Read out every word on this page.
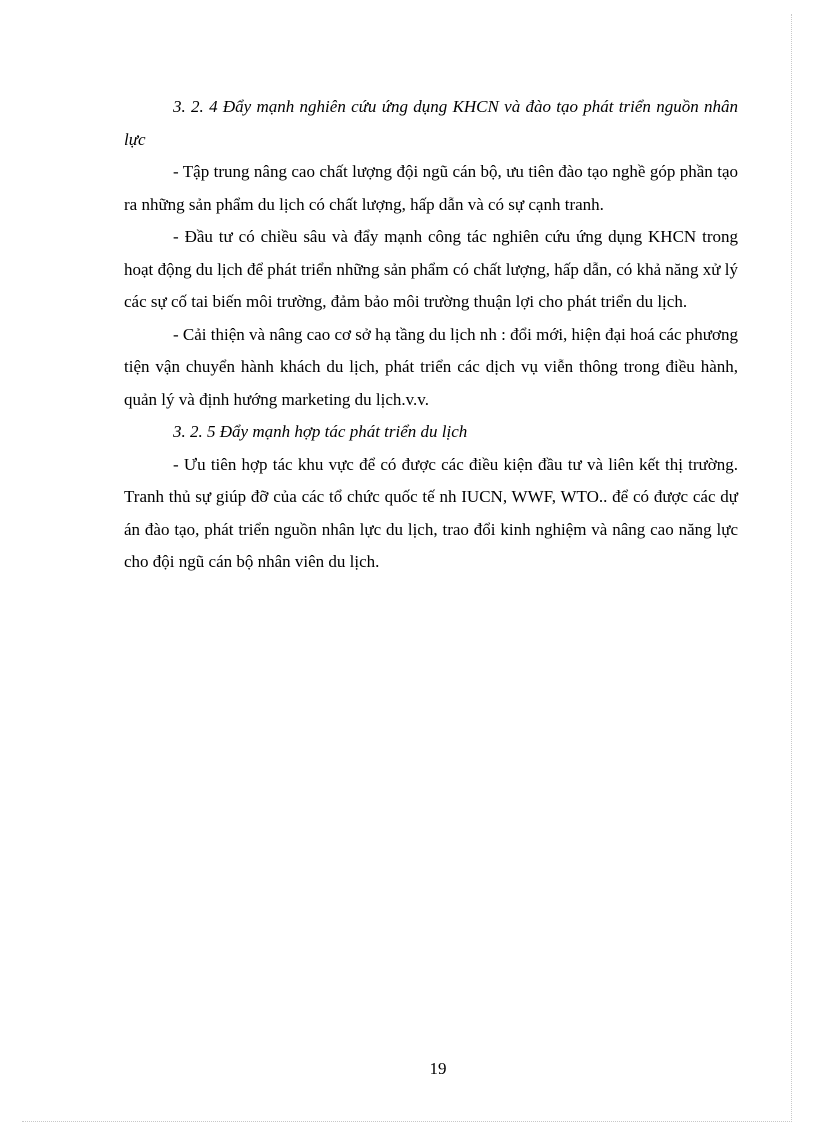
3. 2. 4 Đẩy mạnh nghiên cứu ứng dụng KHCN và đào tạo phát triển nguồn nhân lực

- Tập trung nâng cao chất lượng đội ngũ cán bộ, ưu tiên đào tạo nghề góp phần tạo ra những sản phẩm du lịch có chất lượng, hấp dẫn và có sự cạnh tranh.

- Đầu tư có chiều sâu và đẩy mạnh công tác nghiên cứu ứng dụng KHCN trong hoạt động du lịch để phát triển những sản phẩm có chất lượng, hấp dẫn, có khả năng xử lý các sự cố tai biến môi trường, đảm bảo môi trường thuận lợi cho phát triển du lịch.

- Cải thiện và nâng cao cơ sở hạ tầng du lịch nh : đổi mới, hiện đại hoá các phương tiện vận chuyển hành khách du lịch, phát triển các dịch vụ viễn thông trong điều hành, quản lý và định hướng marketing du lịch.v.v.

3. 2. 5 Đẩy mạnh hợp tác phát triển du lịch

- Ưu tiên hợp tác khu vực để có được các điều kiện đầu tư và liên kết thị trường. Tranh thủ sự giúp đỡ của các tổ chức quốc tế nh IUCN, WWF, WTO.. để có được các dự án đào tạo, phát triển nguồn nhân lực du lịch, trao đổi kinh nghiệm và nâng cao năng lực cho đội ngũ cán bộ nhân viên du lịch.

19
